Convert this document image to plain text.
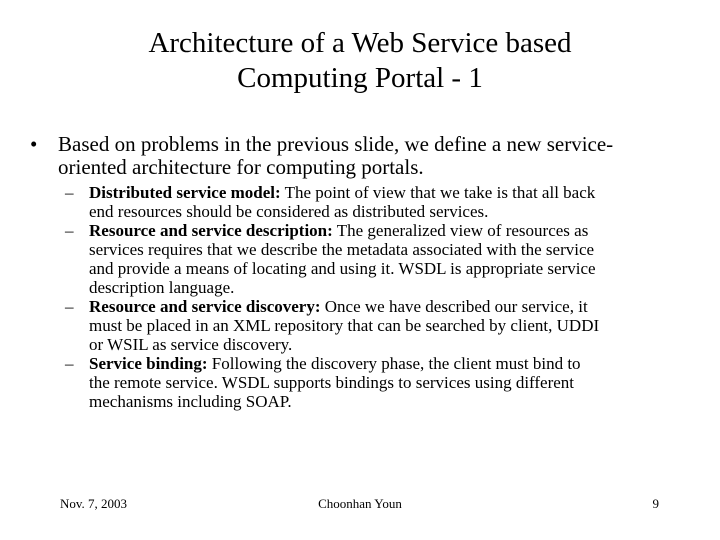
Architecture of a Web Service based
Computing Portal - 1
• Based on problems in the previous slide, we define a new service-
oriented architecture for computing portals.
– Distributed service model: The point of view that we take is that all back
end resources should be considered as distributed services.
– Resource and service description: The generalized view of resources as
services requires that we describe the metadata associated with the service
and provide a means of locating and using it. WSDL is appropriate service
description language.
– Resource and service discovery: Once we have described our service, it
must be placed in an XML repository that can be searched by client, UDDI
or WSIL as service discovery.
– Service binding: Following the discovery phase, the client must bind to
the remote service. WSDL supports bindings to services using different
mechanisms including SOAP.
Nov. 7, 2003	Choonhan Youn	9
